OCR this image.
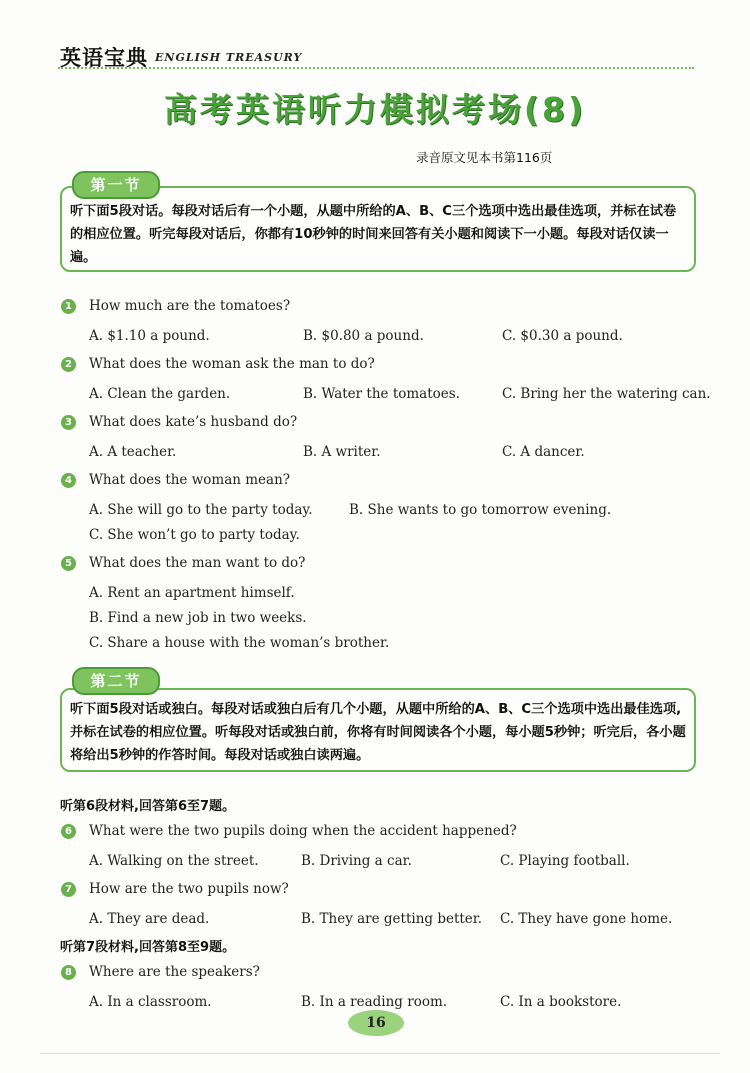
英语宝典 ENGLISH TREASURY
高考英语听力模拟考场(8)
录音原文见本书第116页
听下面5段对话。每段对话后有一个小题，从题中所给的A、B、C三个选项中选出最佳选项，并标在试卷的相应位置。听完每段对话后，你都有10秒钟的时间来回答有关小题和阅读下一小题。每段对话仅读一遍。
第一节
1 How much are the tomatoes?
A. $1.10 a pound.	B. $0.80 a pound.	C. $0.30 a pound.
2 What does the woman ask the man to do?
A. Clean the garden.	B. Water the tomatoes.	C. Bring her the watering can.
3 What does kate’s husband do?
A. A teacher.	B. A writer.	C. A dancer.
4 What does the woman mean?
A. She will go to the party today.	B. She wants to go tomorrow evening.
C. She won’t go to party today.
5 What does the man want to do?
A. Rent an apartment himself.
B. Find a new job in two weeks.
C. Share a house with the woman’s brother.
听下面5段对话或独白。每段对话或独白后有几个小题，从题中所给的A、B、C三个选项中选出最佳选项,并标在试卷的相应位置。听每段对话或独白前，你将有时间阅读各个小题，每小题5秒钟；听完后，各小题将给出5秒钟的作答时间。每段对话或独白读两遍。
第二节
听第6段材料,回答第6至7题。
6 What were the two pupils doing when the accident happened?
A. Walking on the street.	B. Driving a car.	C. Playing football.
7 How are the two pupils now?
A. They are dead.	B. They are getting better. C. They have gone home.
听第7段材料,回答第8至9题。
8 Where are the speakers?
A. In a classroom.	B. In a reading room.	C. In a bookstore.
16
